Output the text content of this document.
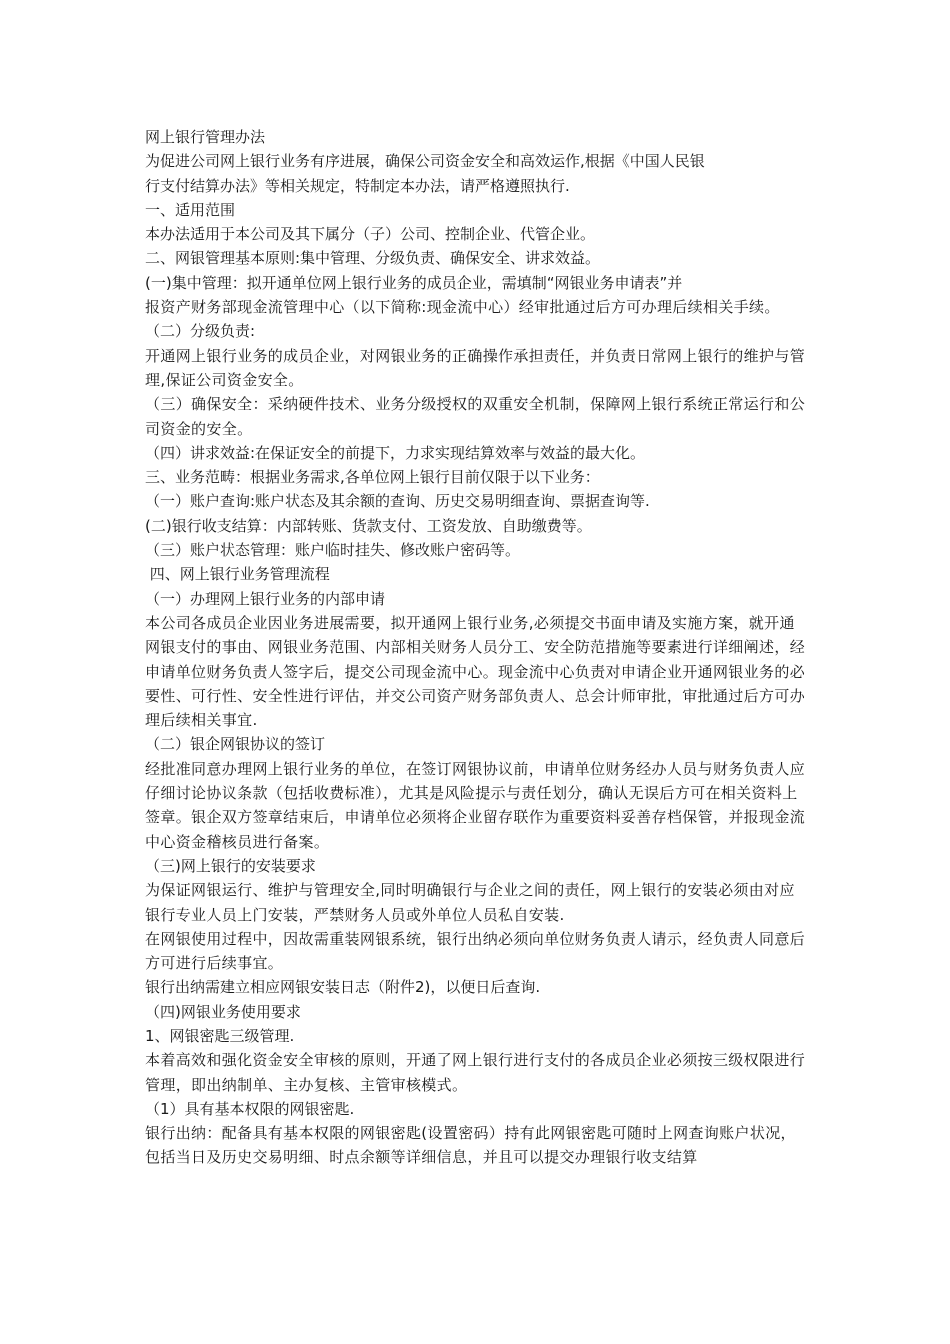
网上银行管理办法

为促进公司网上银行业务有序进展，确保公司资金安全和高效运作,根据《中国人民银

行支付结算办法》等相关规定，特制定本办法，请严格遵照执行.

一、适用范围

本办法适用于本公司及其下属分（子）公司、控制企业、代管企业。

二、网银管理基本原则:集中管理、分级负责、确保安全、讲求效益。

(一)集中管理：拟开通单位网上银行业务的成员企业，需填制“网银业务申请表”并

报资产财务部现金流管理中心（以下简称:现金流中心）经审批通过后方可办理后续相关手续。

（二）分级负责:

开通网上银行业务的成员企业，对网银业务的正确操作承担责任，并负责日常网上银行的维护与管理,保证公司资金安全。

（三）确保安全：采纳硬件技术、业务分级授权的双重安全机制，保障网上银行系统正常运行和公司资金的安全。

（四）讲求效益:在保证安全的前提下，力求实现结算效率与效益的最大化。

三、业务范畴：根据业务需求,各单位网上银行目前仅限于以下业务：

（一）账户查询:账户状态及其余额的查询、历史交易明细查询、票据查询等.

(二)银行收支结算：内部转账、货款支付、工资发放、自助缴费等。

（三）账户状态管理：账户临时挂失、修改账户密码等。

四、网上银行业务管理流程

（一）办理网上银行业务的内部申请

本公司各成员企业因业务进展需要，拟开通网上银行业务,必须提交书面申请及实施方案，就开通网银支付的事由、网银业务范围、内部相关财务人员分工、安全防范措施等要素进行详细阐述，经申请单位财务负责人签字后，提交公司现金流中心。现金流中心负责对申请企业开通网银业务的必要性、可行性、安全性进行评估，并交公司资产财务部负责人、总会计师审批，审批通过后方可办理后续相关事宜.

（二）银企网银协议的签订

经批准同意办理网上银行业务的单位，在签订网银协议前，申请单位财务经办人员与财务负责人应仔细讨论协议条款（包括收费标准），尤其是风险提示与责任划分，确认无误后方可在相关资料上签章。银企双方签章结束后，申请单位必须将企业留存联作为重要资料妥善存档保管，并报现金流中心资金稽核员进行备案。

（三)网上银行的安装要求

为保证网银运行、维护与管理安全,同时明确银行与企业之间的责任，网上银行的安装必须由对应银行专业人员上门安装，严禁财务人员或外单位人员私自安装.

在网银使用过程中，因故需重装网银系统，银行出纳必须向单位财务负责人请示，经负责人同意后方可进行后续事宜。

银行出纳需建立相应网银安装日志（附件2)，以便日后查询.

（四)网银业务使用要求

1、网银密匙三级管理.

本着高效和强化资金安全审核的原则，开通了网上银行进行支付的各成员企业必须按三级权限进行管理，即出纳制单、主办复核、主管审核模式。

（1）具有基本权限的网银密匙.

银行出纳：配备具有基本权限的网银密匙(设置密码）持有此网银密匙可随时上网查询账户状况，包括当日及历史交易明细、时点余额等详细信息，并且可以提交办理银行收支结算
